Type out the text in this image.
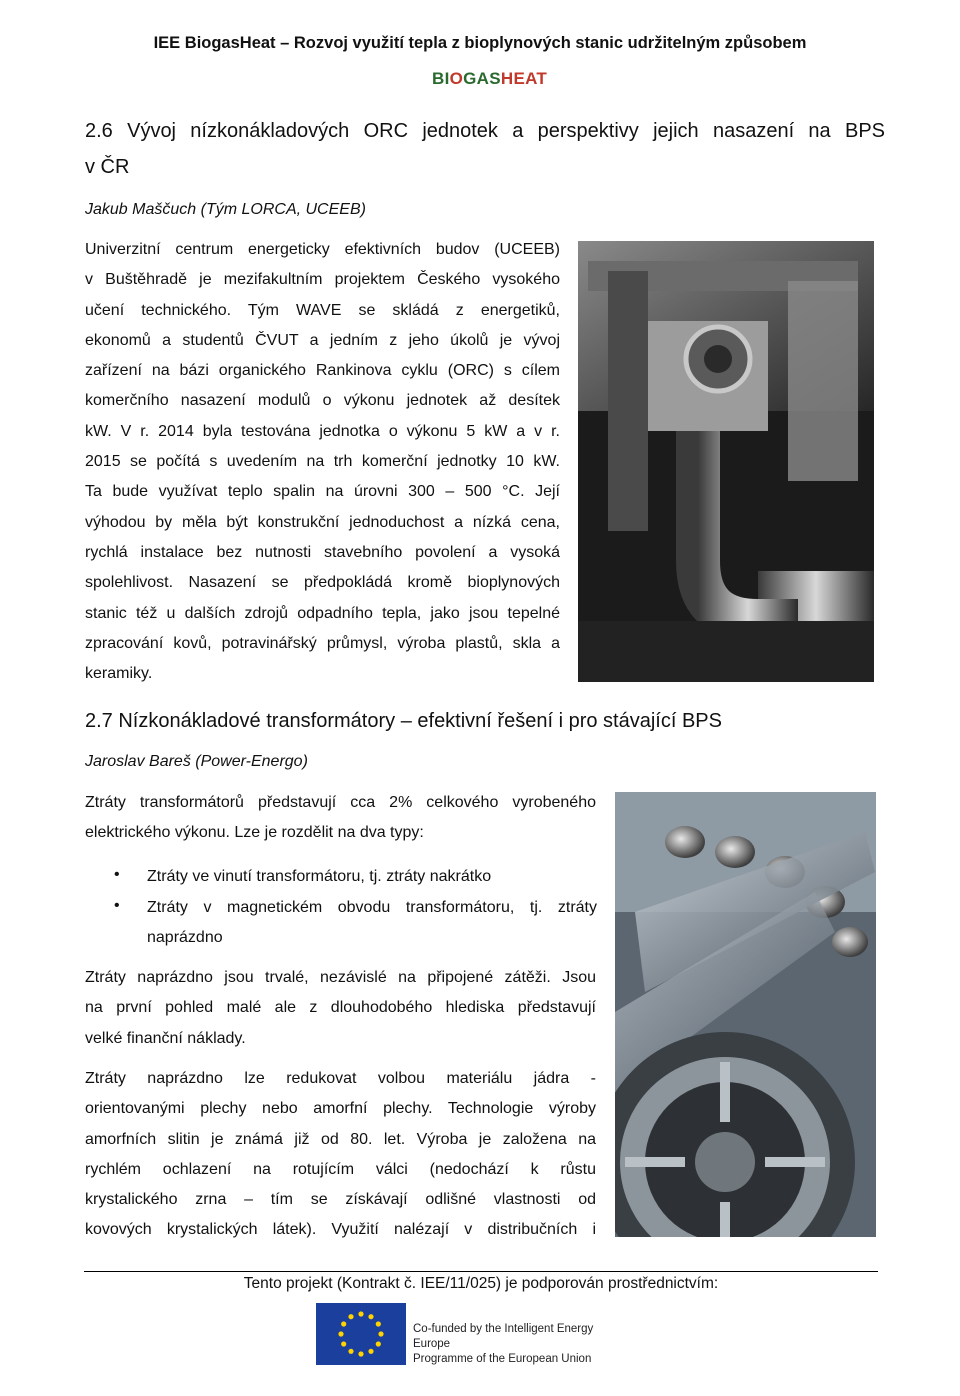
IEE BiogasHeat – Rozvoj využití tepla z bioplynových stanic udržitelným způsobem
BIOGASHEAT
2.6 Vývoj nízkonákladových ORC jednotek a perspektivy jejich nasazení na BPS
v ČR
Jakub Maščuch (Tým LORCA, UCEEB)
Univerzitní centrum energeticky efektivních budov (UCEEB)
v Buštěhradě je mezifakultním projektem Českého vysokého
učení technického. Tým WAVE se skládá z energetiků,
ekonomů a studentů ČVUT a jedním z jeho úkolů je vývoj
zařízení na bázi organického Rankinova cyklu (ORC) s cílem
komerčního nasazení modulů o výkonu jednotek až desítek
kW. V r. 2014 byla testována jednotka o výkonu 5 kW a v r.
2015 se počítá s uvedením na trh komerční jednotky 10 kW.
Ta bude využívat teplo spalin na úrovni 300 – 500 °C. Její
výhodou by měla být konstrukční jednoduchost a nízká cena,
rychlá instalace bez nutnosti stavebního povolení a vysoká
spolehlivost. Nasazení se předpokládá kromě bioplynových
stanic též u dalších zdrojů odpadního tepla, jako jsou tepelné
zpracování kovů, potravinářský průmysl, výroba plastů, skla a
keramiky.
2.7 Nízkonákladové transformátory – efektivní řešení i pro stávající BPS
Jaroslav Bareš (Power-Energo)
Ztráty transformátorů představují cca 2% celkového vyrobeného
elektrického výkonu. Lze je rozdělit na dva typy:
• Ztráty ve vinutí transformátoru, tj. ztráty nakrátko
• Ztráty v magnetickém obvodu transformátoru, tj. ztráty
naprázdno
Ztráty naprázdno jsou trvalé, nezávislé na připojené zátěži. Jsou
na první pohled malé ale z dlouhodobého hlediska představují
velké finanční náklady.
Ztráty naprázdno lze redukovat volbou materiálu jádra -
orientovanými plechy nebo amorfní plechy. Technologie výroby
amorfních slitin je známá již od 80. let. Výroba je založena na
rychlém ochlazení na rotujícím válci (nedochází k růstu
krystalického zrna – tím se získávají odlišné vlastnosti od
kovových krystalických látek). Využití nalézají v distribučních i
Tento projekt (Kontrakt č. IEE/11/025) je podporován prostřednictvím:
Co-funded by the Intelligent Energy Europe
Programme of the European Union
